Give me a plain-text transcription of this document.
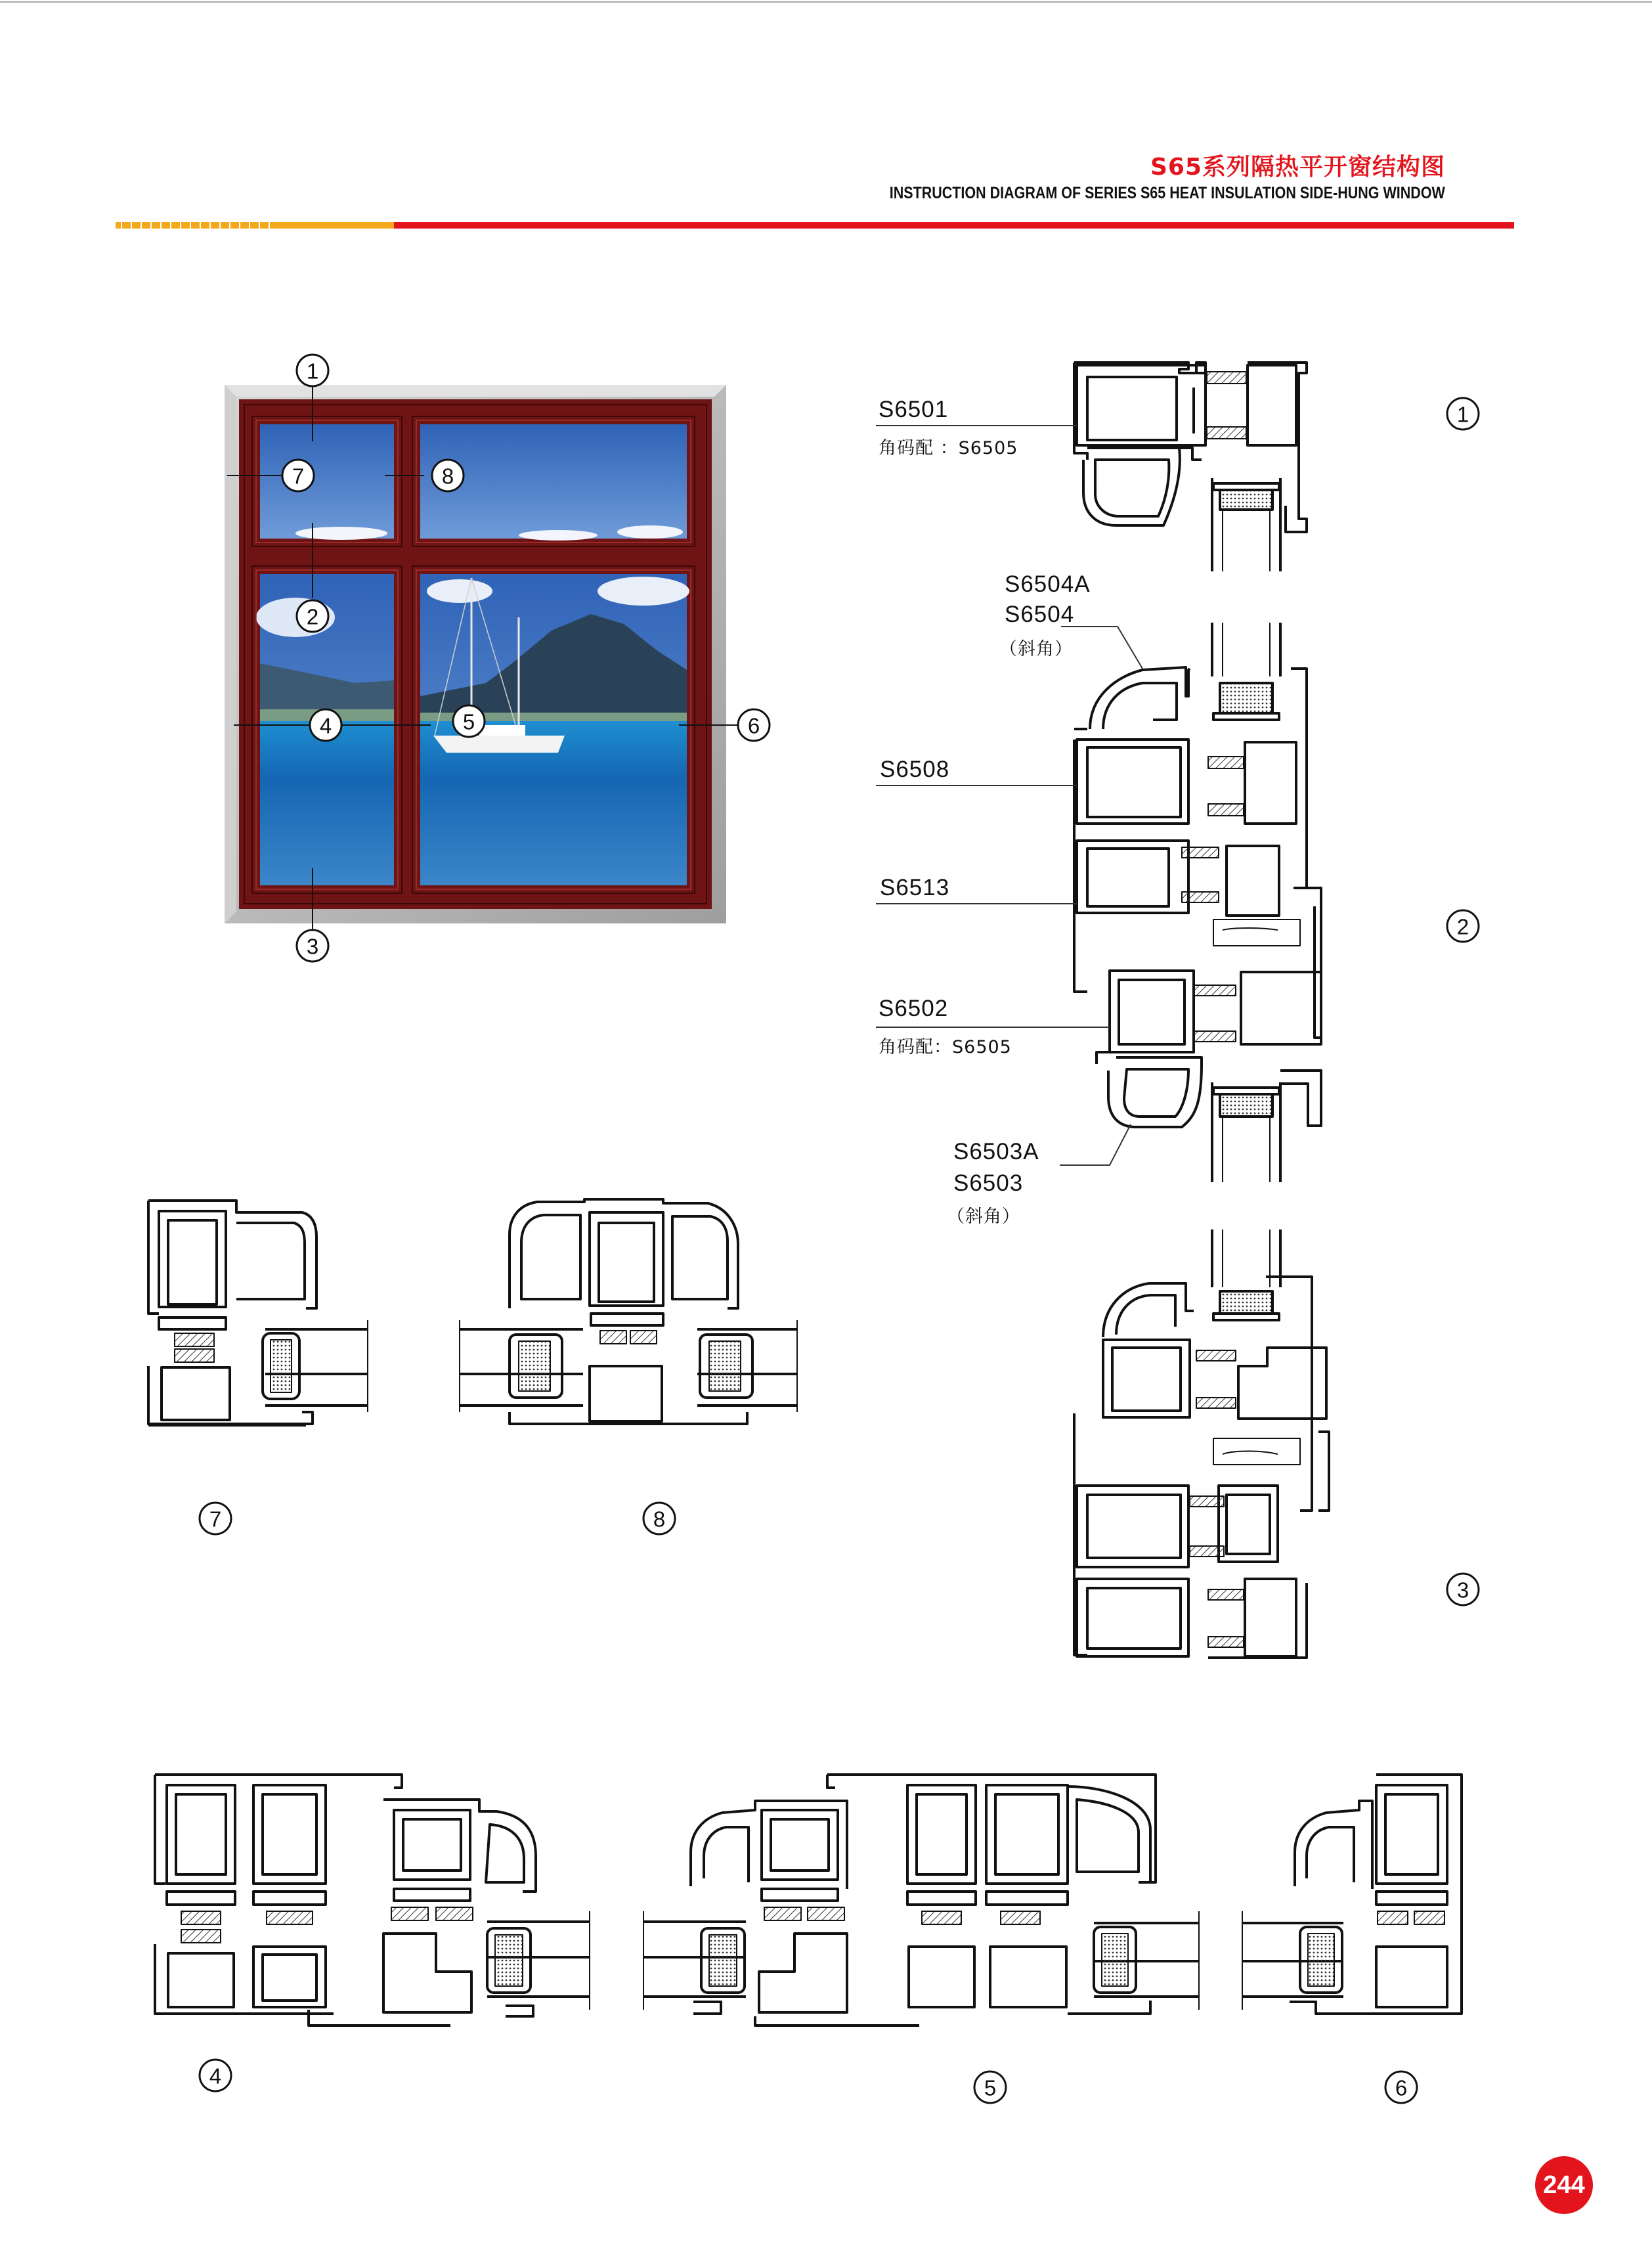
1
7	8
2
4	5	6
3
1
2
3
7	8
4	5	6
S65系列隔热平开窗结构图
INSTRUCTION DIAGRAM OF SERIES S65 HEAT INSULATION SIDE-HUNG WINDOW
S6501
角码配 ：S6505
S6504A
S6504
（斜角）
S6508
S6513
S6502
角码配：S6505
S6503A
S6503
（斜角）
244
